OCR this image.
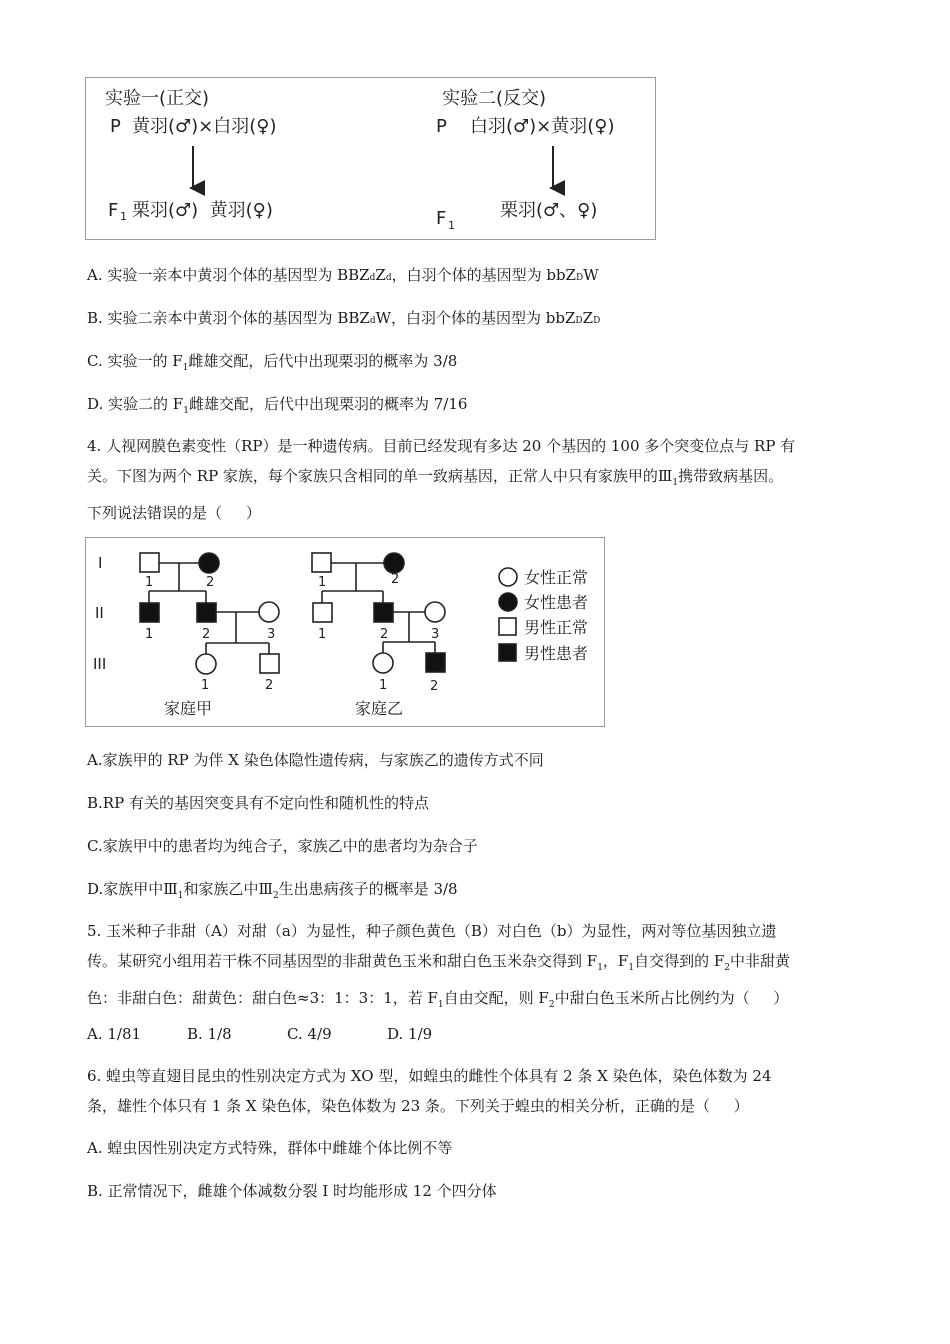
实验一(正交)
P 黄羽(♂)×白羽(♀)
F 1 栗羽(♂)  黄羽(♀)
实验二(反交)
P 白羽(♂)×黄羽(♀)
F 1
栗羽(♂、♀)
A. 实验一亲本中黄羽个体的基因型为 BBZdZd，白羽个体的基因型为 bbZDW
B. 实验二亲本中黄羽个体的基因型为 BBZdW，白羽个体的基因型为 bbZDZD
C. 实验一的 $F_1$雌雄交配，后代中出现栗羽的概率为 3/8
D. 实验二的 $F_1$雌雄交配，后代中出现栗羽的概率为 7/16
4. 人视网膜色素变性（RP）是一种遗传病。目前已经发现有多达 20 个基因的 100 多个突变位点与 RP 有
关。下图为两个 RP 家族，每个家族只含相同的单一致病基因，正常人中只有家族甲的$Ⅲ_1$携带致病基因。
下列说法错误的是（     ）
I
II
III
1	2
1	2	3
1	2
1	2
1	2	3
1	2
家庭甲	家庭乙
女性正常
女性患者
男性正常
男性患者
A.家族甲的 RP 为伴 X 染色体隐性遗传病，与家族乙的遗传方式不同
B.RP 有关的基因突变具有不定向性和随机性的特点
C.家族甲中的患者均为纯合子，家族乙中的患者均为杂合子
D.家族甲中$Ⅲ_1$和家族乙中$Ⅲ_2$生出患病孩子的概率是 3/8
5. 玉米种子非甜（A）对甜（a）为显性，种子颜色黄色（B）对白色（b）为显性，两对等位基因独立遗
传。某研究小组用若干株不同基因型的非甜黄色玉米和甜白色玉米杂交得到 $F_1$，$F_1$自交得到的 $F_2$中非甜黄
色：非甜白色：甜黄色：甜白色≈3：1：3：1，若 $F_1$自由交配，则 $F_2$中甜白色玉米所占比例约为（     ）
A. 1/81	B. 1/8	C. 4/9	D. 1/9
6. 蝗虫等直翅目昆虫的性别决定方式为 XO 型，如蝗虫的雌性个体具有 2 条 X 染色体，染色体数为 24
条，雄性个体只有 1 条 X 染色体，染色体数为 23 条。下列关于蝗虫的相关分析，正确的是（     ）
A. 蝗虫因性别决定方式特殊，群体中雌雄个体比例不等
B. 正常情况下，雌雄个体减数分裂 I 时均能形成 12 个四分体
